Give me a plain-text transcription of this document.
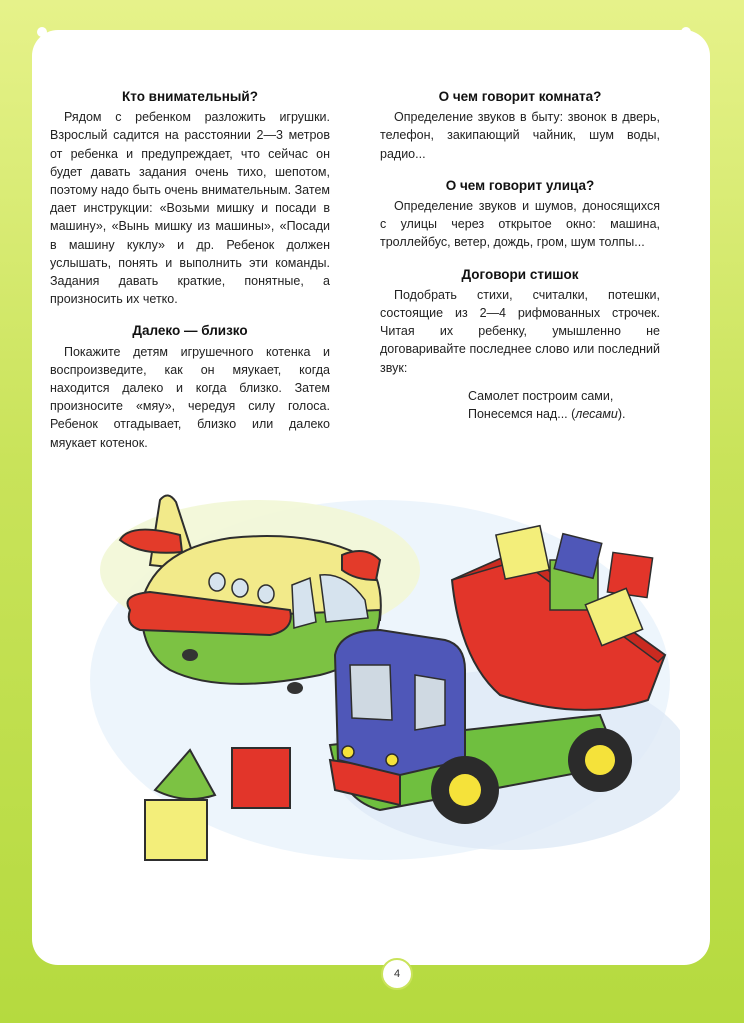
Кто внимательный?

Рядом с ребенком разложить игрушки. Взрослый садится на расстоянии 2—3 метров от ребенка и предупреждает, что сейчас он будет давать задания очень тихо, шепотом, поэтому надо быть очень внимательным. Затем дает инструкции: «Возьми мишку и посади в машину», «Вынь мишку из машины», «Посади в машину куклу» и др. Ребенок должен услышать, понять и выполнить эти команды. Задания давать краткие, понятные, а произносить их четко.

Далеко — близко

Покажите детям игрушечного котенка и воспроизведите, как он мяукает, когда находится далеко и когда близко. Затем произносите «мяу», чередуя силу голоса. Ребенок отгадывает, близко или далеко мяукает котенок.

О чем говорит комната?

Определение звуков в быту: звонок в дверь, телефон, закипающий чайник, шум воды, радио...

О чем говорит улица?

Определение звуков и шумов, доносящихся с улицы через открытое окно: машина, троллейбус, ветер, дождь, гром, шум толпы...

Договори стишок

Подобрать стихи, считалки, потешки, состоящие из 2—4 рифмованных строчек. Читая их ребенку, умышленно не договаривайте последнее слово или последний звук:

Самолет построим сами,
Понесемся над... (лесами).
4
